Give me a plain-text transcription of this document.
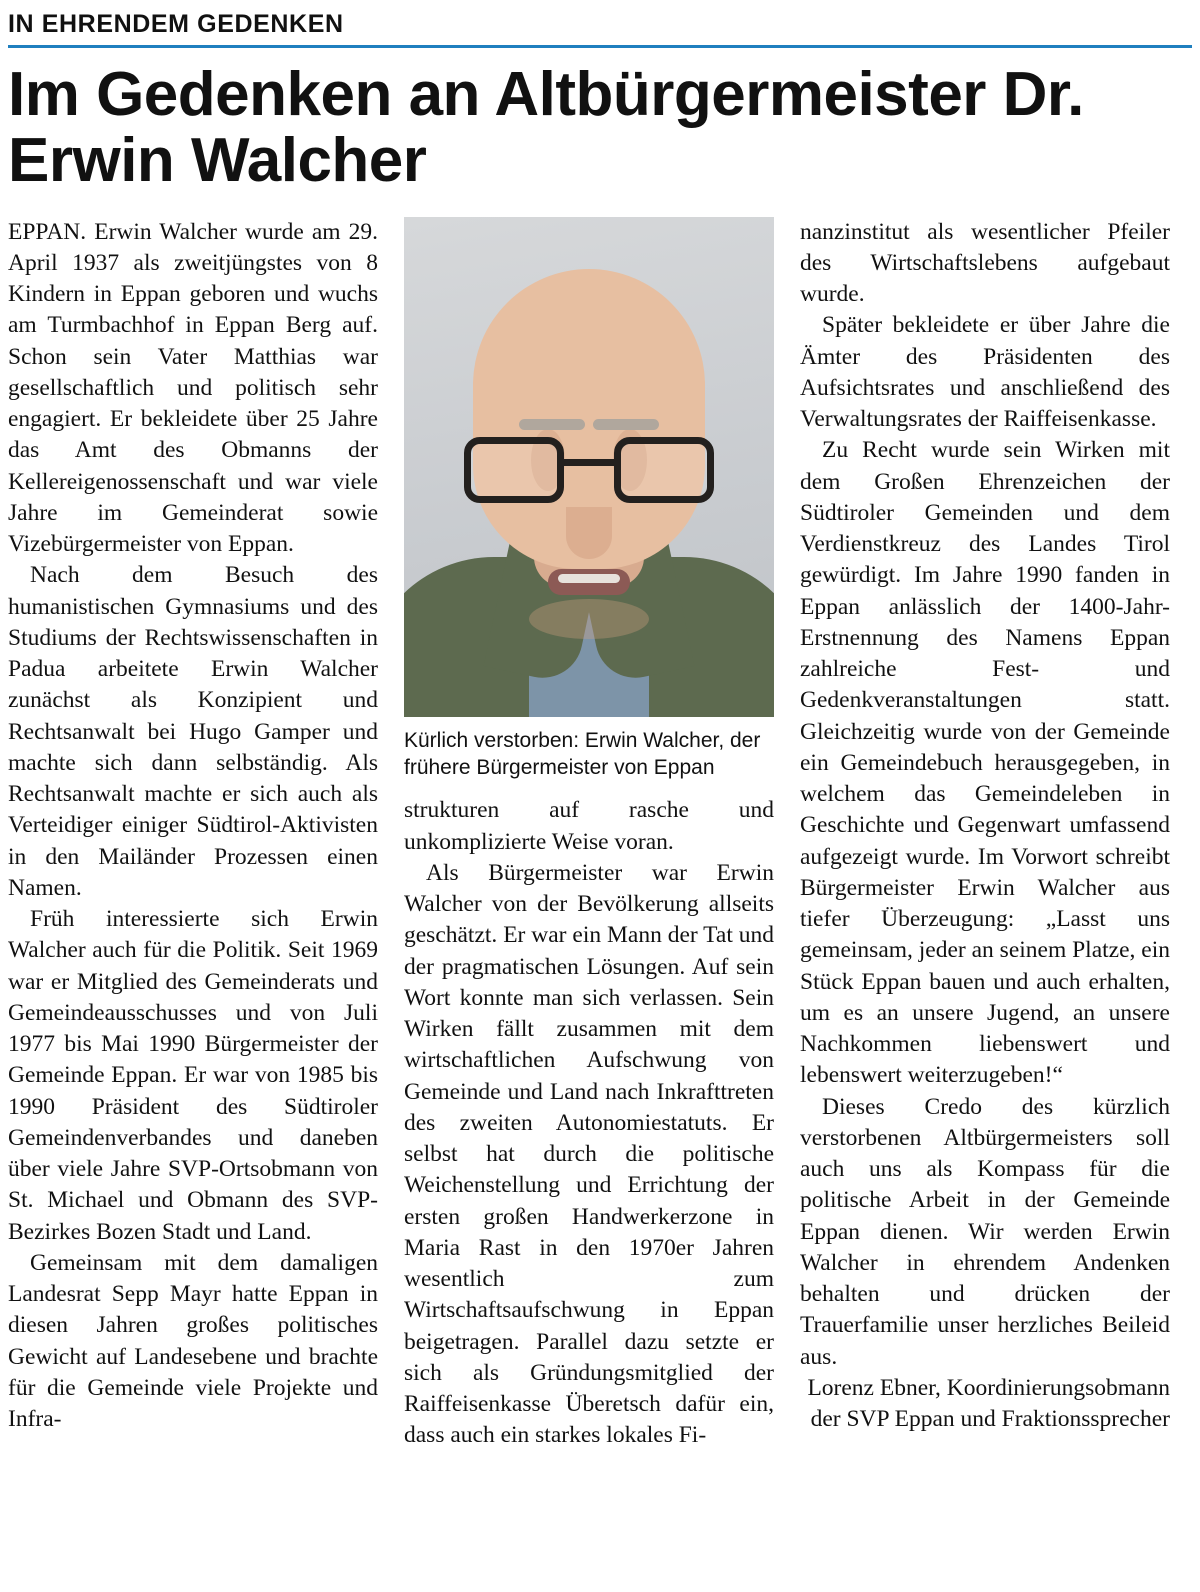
IN EHRENDEM GEDENKEN
Im Gedenken an Altbürgermeister Dr. Erwin Walcher

EPPAN. Erwin Walcher wurde am 29. April 1937 als zweitjüngstes von 8 Kindern in Eppan geboren und wuchs am Turmbachhof in Eppan Berg auf. Schon sein Vater Matthias war gesellschaftlich und politisch sehr engagiert. Er bekleidete über 25 Jahre das Amt des Obmanns der Kellereigenossenschaft und war viele Jahre im Gemeinderat sowie Vizebürgermeister von Eppan.

Nach dem Besuch des humanistischen Gymnasiums und des Studiums der Rechtswissenschaften in Padua arbeitete Erwin Walcher zunächst als Konzipient und Rechtsanwalt bei Hugo Gamper und machte sich dann selbständig. Als Rechtsanwalt machte er sich auch als Verteidiger einiger Südtirol-Aktivisten in den Mailänder Prozessen einen Namen.

Früh interessierte sich Erwin Walcher auch für die Politik. Seit 1969 war er Mitglied des Gemeinderats und Gemeindeausschusses und von Juli 1977 bis Mai 1990 Bürgermeister der Gemeinde Eppan. Er war von 1985 bis 1990 Präsident des Südtiroler Gemeindenverbandes und daneben über viele Jahre SVP-Ortsobmann von St. Michael und Obmann des SVP-Bezirkes Bozen Stadt und Land.

Gemeinsam mit dem damaligen Landesrat Sepp Mayr hatte Eppan in diesen Jahren großes politisches Gewicht auf Landesebene und brachte für die Gemeinde viele Projekte und Infra-

Kürlich verstorben: Erwin Walcher, der frühere Bürgermeister von Eppan

strukturen auf rasche und unkomplizierte Weise voran.

Als Bürgermeister war Erwin Walcher von der Bevölkerung allseits geschätzt. Er war ein Mann der Tat und der pragmatischen Lösungen. Auf sein Wort konnte man sich verlassen. Sein Wirken fällt zusammen mit dem wirtschaftlichen Aufschwung von Gemeinde und Land nach Inkrafttreten des zweiten Autonomiestatuts. Er selbst hat durch die politische Weichenstellung und Errichtung der ersten großen Handwerkerzone in Maria Rast in den 1970er Jahren wesentlich zum Wirtschaftsaufschwung in Eppan beigetragen. Parallel dazu setzte er sich als Gründungsmitglied der Raiffeisenkasse Überetsch dafür ein, dass auch ein starkes lokales Fi-

nanzinstitut als wesentlicher Pfeiler des Wirtschaftslebens aufgebaut wurde.

Später bekleidete er über Jahre die Ämter des Präsidenten des Aufsichtsrates und anschließend des Verwaltungsrates der Raiffeisenkasse.

Zu Recht wurde sein Wirken mit dem Großen Ehrenzeichen der Südtiroler Gemeinden und dem Verdienstkreuz des Landes Tirol gewürdigt. Im Jahre 1990 fanden in Eppan anlässlich der 1400-Jahr-Erstnennung des Namens Eppan zahlreiche Fest- und Gedenkveranstaltungen statt. Gleichzeitig wurde von der Gemeinde ein Gemeindebuch herausgegeben, in welchem das Gemeindeleben in Geschichte und Gegenwart umfassend aufgezeigt wurde. Im Vorwort schreibt Bürgermeister Erwin Walcher aus tiefer Überzeugung: „Lasst uns gemeinsam, jeder an seinem Platze, ein Stück Eppan bauen und auch erhalten, um es an unsere Jugend, an unsere Nachkommen liebenswert und lebenswert weiterzugeben!“

Dieses Credo des kürzlich verstorbenen Altbürgermeisters soll auch uns als Kompass für die politische Arbeit in der Gemeinde Eppan dienen. Wir werden Erwin Walcher in ehrendem Andenken behalten und drücken der Trauerfamilie unser herzliches Beileid aus.

Lorenz Ebner, Koordinierungsobmann der SVP Eppan und Fraktionssprecher
